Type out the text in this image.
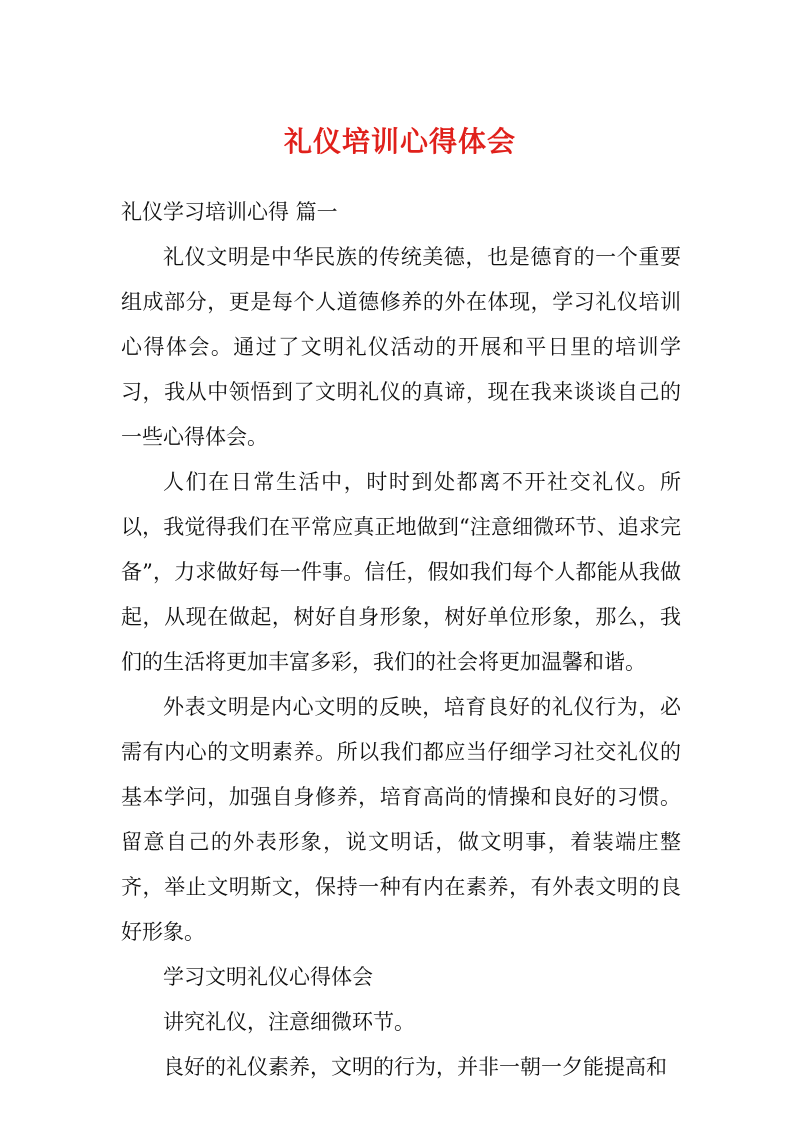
礼仪培训心得体会

礼仪学习培训心得 篇一

礼仪文明是中华民族的传统美德，也是德育的一个重要组成部分，更是每个人道德修养的外在体现，学习礼仪培训心得体会。通过了文明礼仪活动的开展和平日里的培训学习，我从中领悟到了文明礼仪的真谛，现在我来谈谈自己的一些心得体会。

人们在日常生活中，时时到处都离不开社交礼仪。所以，我觉得我们在平常应真正地做到“注意细微环节、追求完备”，力求做好每一件事。信任，假如我们每个人都能从我做起，从现在做起，树好自身形象，树好单位形象，那么，我们的生活将更加丰富多彩，我们的社会将更加温馨和谐。

外表文明是内心文明的反映，培育良好的礼仪行为，必需有内心的文明素养。所以我们都应当仔细学习社交礼仪的基本学问，加强自身修养，培育高尚的情操和良好的习惯。留意自己的外表形象，说文明话，做文明事，着装端庄整齐，举止文明斯文，保持一种有内在素养，有外表文明的良好形象。

学习文明礼仪心得体会

讲究礼仪，注意细微环节。

良好的礼仪素养，文明的行为，并非一朝一夕能提高和
